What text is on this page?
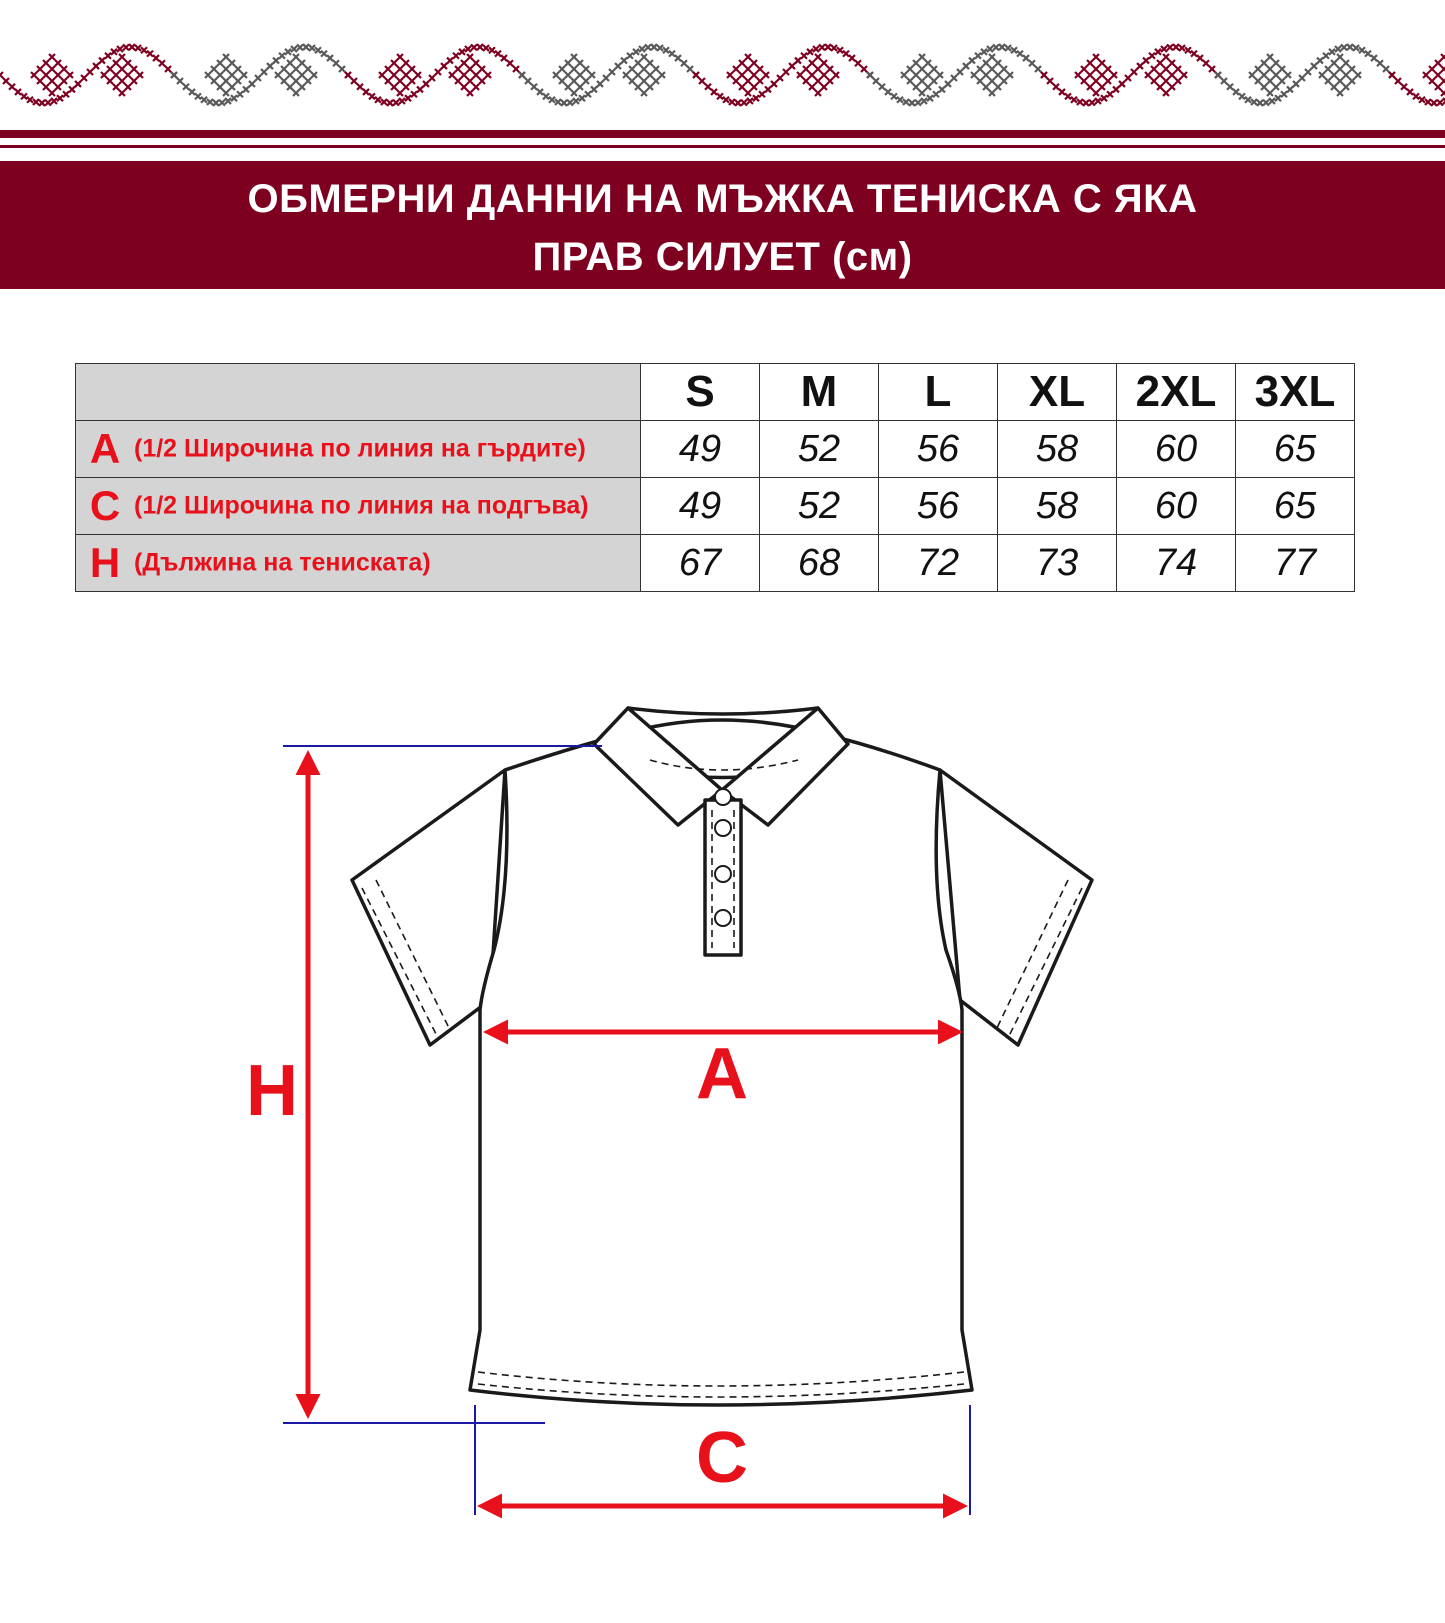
ОБМЕРНИ ДАННИ НА МЪЖКА ТЕНИСКА С ЯКА
ПРАВ СИЛУЕТ (см)
	S	M	L	XL	2XL	3XL
A (1/2 Широчина по линия на гърдите)	49	52	56	58	60	65
C (1/2 Широчина по линия на подгъва)	49	52	56	58	60	65
H (Дължина на тениската)	67	68	72	73	74	77
H	A
C
